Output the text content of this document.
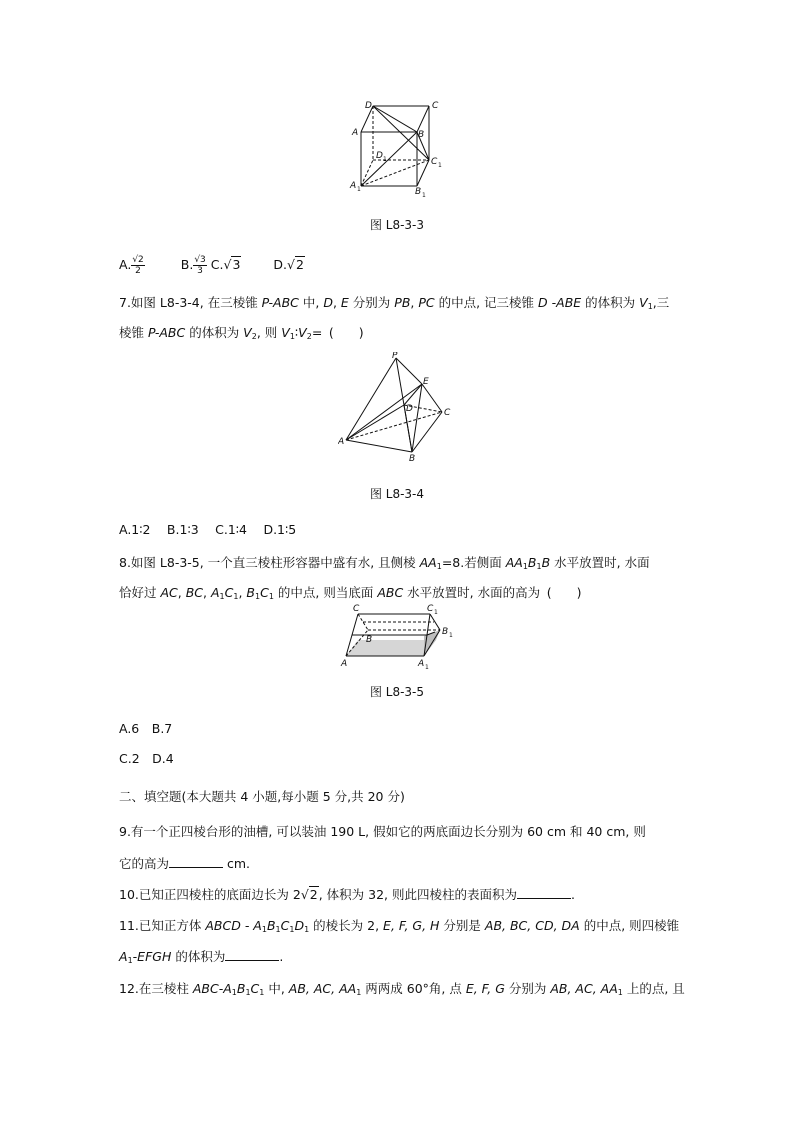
D	C
A	B
D 1	C 1
A 1	B 1
图 L8-3-3
A. $\frac{√2}{2}$	B. $\frac{√3}{3} C.√3$	D.√2
7.如图 L8-3-4, 在三棱锥 P-ABC 中, D, E 分别为 PB, PC 的中点, 记三棱锥 D -ABE 的体积为 $V_1$,三
棱锥 P-ABC 的体积为 $V_2$, 则 $V_1∶V_2=$ (　　)
P
E
D	C
A
B
图 L8-3-4
A.1∶2　 B.1∶3　 C.1∶4　 D.1∶5
8.如图 L8-3-5, 一个直三棱柱形容器中盛有水, 且侧棱 $AA_1=8$.若侧面 $AA_1B_1B$ 水平放置时, 水面
恰好过 AC, BC, $A_1C_1$, $B_1C_1$ 的中点, 则当底面 ABC 水平放置时, 水面的高为 (　　)
C	C 1
B
B 1
A	A 1
图 L8-3-5
A.6　B.7
C.2　D.4
二、填空题(本大题共 4 小题,每小题 5 分,共 20 分)
9.有一个正四棱台形的油槽, 可以装油 190 L, 假如它的两底面边长分别为 60 cm 和 40 cm, 则
它的高为	cm.
10.已知正四棱柱的底面边长为 2√2, 体积为 32, 则此四棱柱的表面积为	.
11.已知正方体 ABCD - $A_1B_1C_1D_1$ 的棱长为 2, E, F, G, H 分别是 AB, BC, CD, DA 的中点, 则四棱锥
$A_1$-EFGH 的体积为	.
12.在三棱柱 ABC-$A_1B_1C_1$ 中, AB, AC, $AA_1$ 两两成 60°角, 点 E, F, G 分别为 AB, AC, $AA_1$ 上的点, 且
